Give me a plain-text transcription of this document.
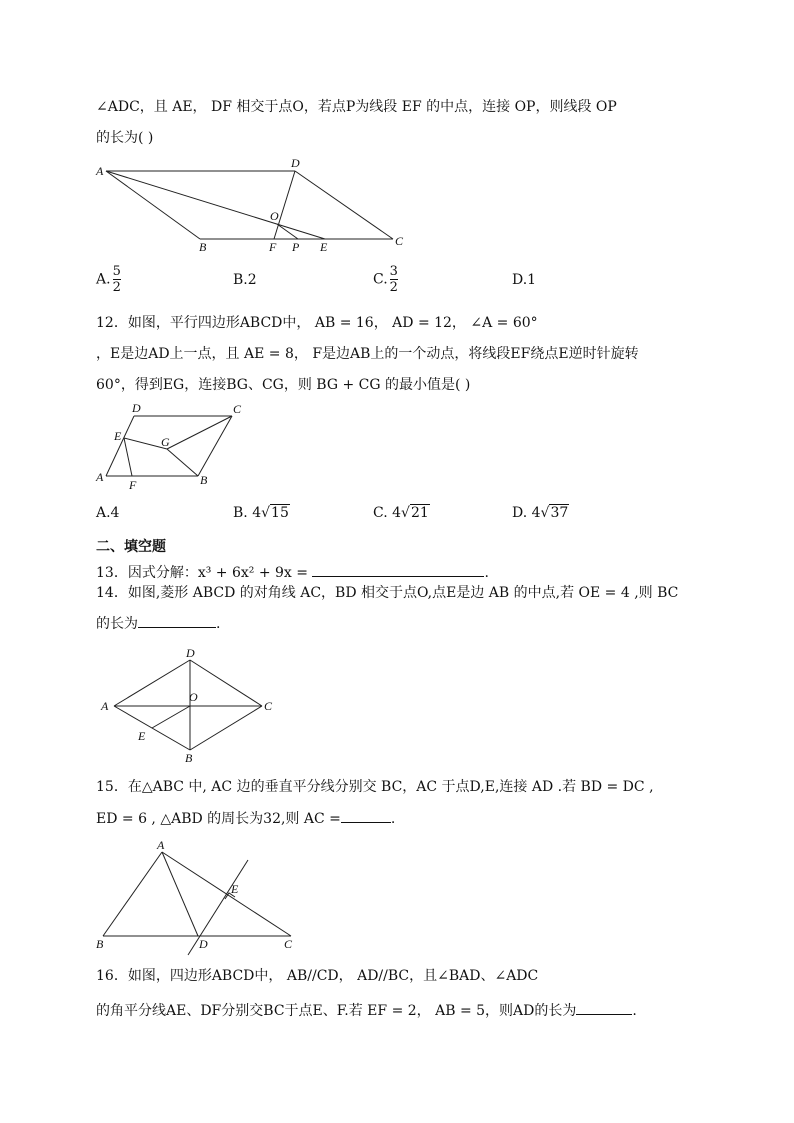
∠ADC，且 AE， DF 相交于点O，若点P为线段 EF 的中点，连接 OP，则线段 OP
的长为( )
A
D
O
B	F P E	C
A. $\frac{5}{2}$	B.2	C. $\frac{3}{2}$	D.1
12．如图，平行四边形ABCD中， AB = 16， AD = 12， ∠A = 60°
，E是边AD上一点，且 AE = 8， F是边AB上的一个动点，将线段EF绕点E逆时针旋转
60°，得到EG，连接BG、CG，则 BG + CG 的最小值是( )
D	C
E	G
A
F	B
A.4	B. 4√15	C. 4√21	D. 4√37
二、填空题
13．因式分解：x³ + 6x² + 9x =	.
14．如图,菱形 ABCD 的对角线 AC，BD 相交于点O,点E是边 AB 的中点,若 OE = 4 ,则 BC
的长为	.
D
A
O
C
E
B
15．在△ABC 中, AC 边的垂直平分线分别交 BC，AC 于点D,E,连接 AD .若 BD = DC ,
ED = 6 , △ABD 的周长为32,则 AC =	.
A
E
B	D	C
16．如图，四边形ABCD中， AB//CD， AD//BC，且∠BAD、∠ADC
的角平分线AE、DF分别交BC于点E、F.若 EF = 2， AB = 5，则AD的长为	.
